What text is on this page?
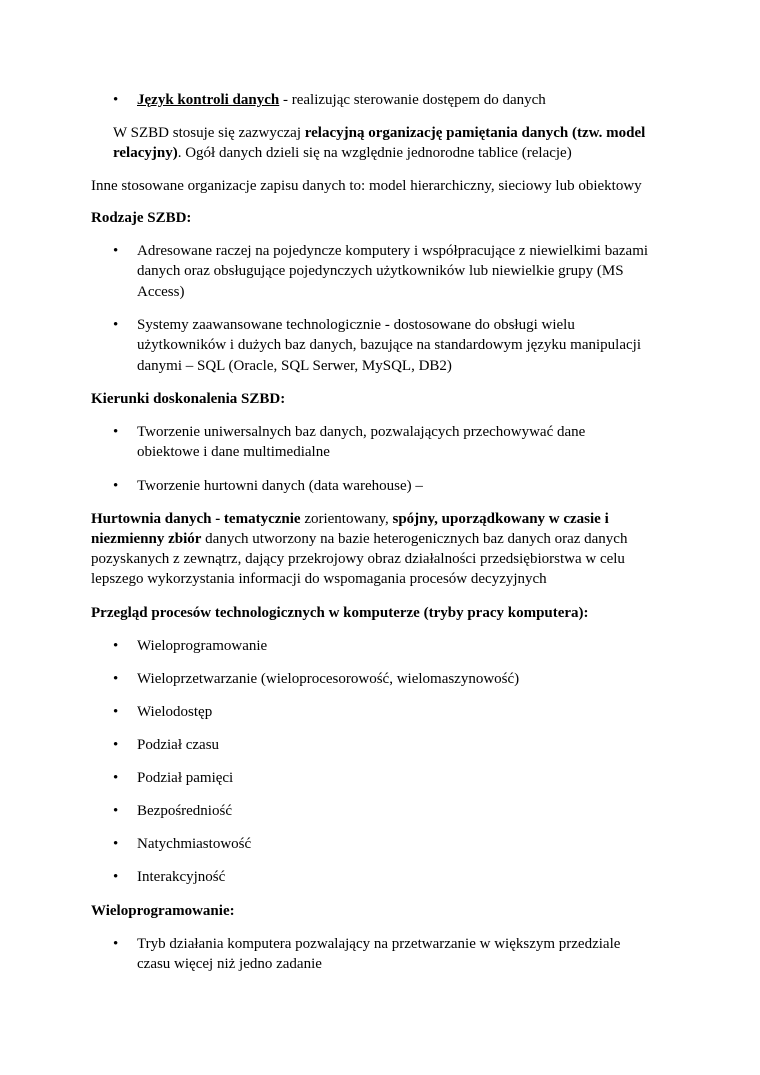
• Język kontroli danych - realizując sterowanie dostępem do danych
W SZBD stosuje się zazwyczaj relacyjną organizację pamiętania danych (tzw. model
relacyjny). Ogół danych dzieli się na względnie jednorodne tablice (relacje)
Inne stosowane organizacje zapisu danych to: model hierarchiczny, sieciowy lub obiektowy
Rodzaje SZBD:
• Adresowane raczej na pojedyncze komputery i współpracujące z niewielkimi bazami
danych oraz obsługujące pojedynczych użytkowników lub niewielkie grupy (MS
Access)
• Systemy zaawansowane technologicznie - dostosowane do obsługi wielu
użytkowników i dużych baz danych, bazujące na standardowym języku manipulacji
danymi – SQL (Oracle, SQL Serwer, MySQL, DB2)
Kierunki doskonalenia SZBD:
• Tworzenie uniwersalnych baz danych, pozwalających przechowywać dane
obiektowe i dane multimedialne
• Tworzenie hurtowni danych (data warehouse) –
Hurtownia danych - tematycznie zorientowany, spójny, uporządkowany w czasie i
niezmienny zbiór danych utworzony na bazie heterogenicznych baz danych oraz danych
pozyskanych z zewnątrz, dający przekrojowy obraz działalności przedsiębiorstwa w celu
lepszego wykorzystania informacji do wspomagania procesów decyzyjnych
Przegląd procesów technologicznych w komputerze (tryby pracy komputera):
• Wieloprogramowanie
• Wieloprzetwarzanie (wieloprocesorowość, wielomaszynowość)
• Wielodostęp
• Podział czasu
• Podział pamięci
• Bezpośredniość
• Natychmiastowość
• Interakcyjność
Wieloprogramowanie:
• Tryb działania komputera pozwalający na przetwarzanie w większym przedziale
czasu więcej niż jedno zadanie
